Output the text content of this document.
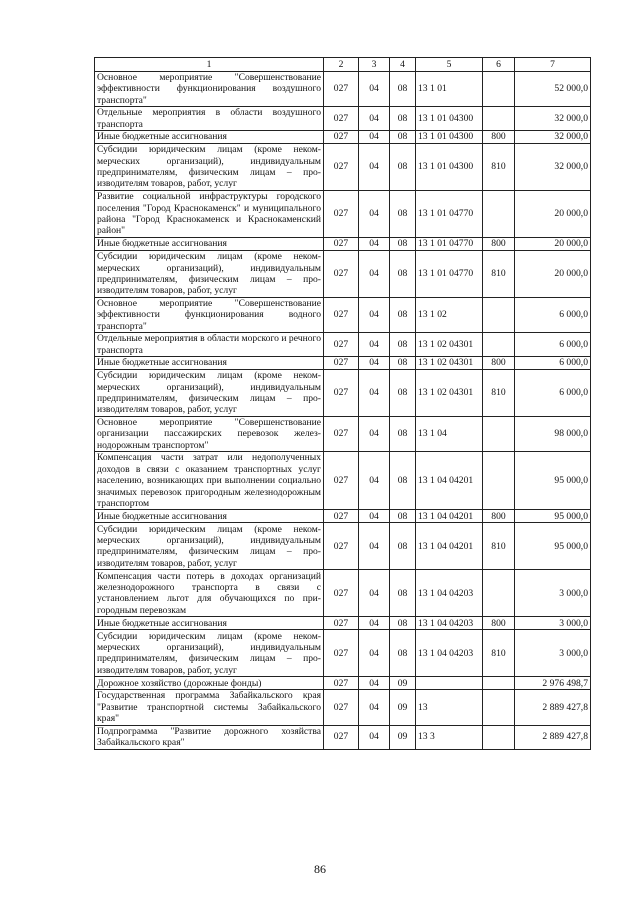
1	2	3	4	5	6	7
Основное мероприятие "Совершенствование эффективности функционирования воздушного транспорта"	027	04	08	13 1 01		52 000,0
Отдельные мероприятия в области воздушного транспорта	027	04	08	13 1 01 04300		32 000,0
Иные бюджетные ассигнования	027	04	08	13 1 01 04300	800	32 000,0
Субсидии юридическим лицам (кроме некоммерческих организаций), индивидуальным предпринимателям, физическим лицам – производителям товаров, работ, услуг	027	04	08	13 1 01 04300	810	32 000,0
Развитие социальной инфраструктуры городского поселения "Город Краснокаменск" и муниципального района "Город Краснокаменск и Краснокаменский район"	027	04	08	13 1 01 04770		20 000,0
Иные бюджетные ассигнования	027	04	08	13 1 01 04770	800	20 000,0
Субсидии юридическим лицам (кроме некоммерческих организаций), индивидуальным предпринимателям, физическим лицам – производителям товаров, работ, услуг	027	04	08	13 1 01 04770	810	20 000,0
Основное мероприятие "Совершенствование эффективности функционирования водного транспорта"	027	04	08	13 1 02		6 000,0
Отдельные мероприятия в области морского и речного транспорта	027	04	08	13 1 02 04301		6 000,0
Иные бюджетные ассигнования	027	04	08	13 1 02 04301	800	6 000,0
Субсидии юридическим лицам (кроме некоммерческих организаций), индивидуальным предпринимателям, физическим лицам – производителям товаров, работ, услуг	027	04	08	13 1 02 04301	810	6 000,0
Основное мероприятие "Совершенствование организации пассажирских перевозок железнодорожным транспортом"	027	04	08	13 1 04		98 000,0
Компенсация части затрат или недополученных доходов в связи с оказанием транспортных услуг населению, возникающих при выполнении социально значимых перевозок пригородным железнодорожным транспортом	027	04	08	13 1 04 04201		95 000,0
Иные бюджетные ассигнования	027	04	08	13 1 04 04201	800	95 000,0
Субсидии юридическим лицам (кроме некоммерческих организаций), индивидуальным предпринимателям, физическим лицам – производителям товаров, работ, услуг	027	04	08	13 1 04 04201	810	95 000,0
Компенсация части потерь в доходах организаций железнодорожного транспорта в связи с установлением льгот для обучающихся по пригородным перевозкам	027	04	08	13 1 04 04203		3 000,0
Иные бюджетные ассигнования	027	04	08	13 1 04 04203	800	3 000,0
Субсидии юридическим лицам (кроме некоммерческих организаций), индивидуальным предпринимателям, физическим лицам – производителям товаров, работ, услуг	027	04	08	13 1 04 04203	810	3 000,0
Дорожное хозяйство (дорожные фонды)	027	04	09			2 976 498,7
Государственная программа Забайкальского края "Развитие транспортной системы Забайкальского края"	027	04	09	13		2 889 427,8
Подпрограмма "Развитие дорожного хозяйства Забайкальского края"	027	04	09	13 3		2 889 427,8
86
